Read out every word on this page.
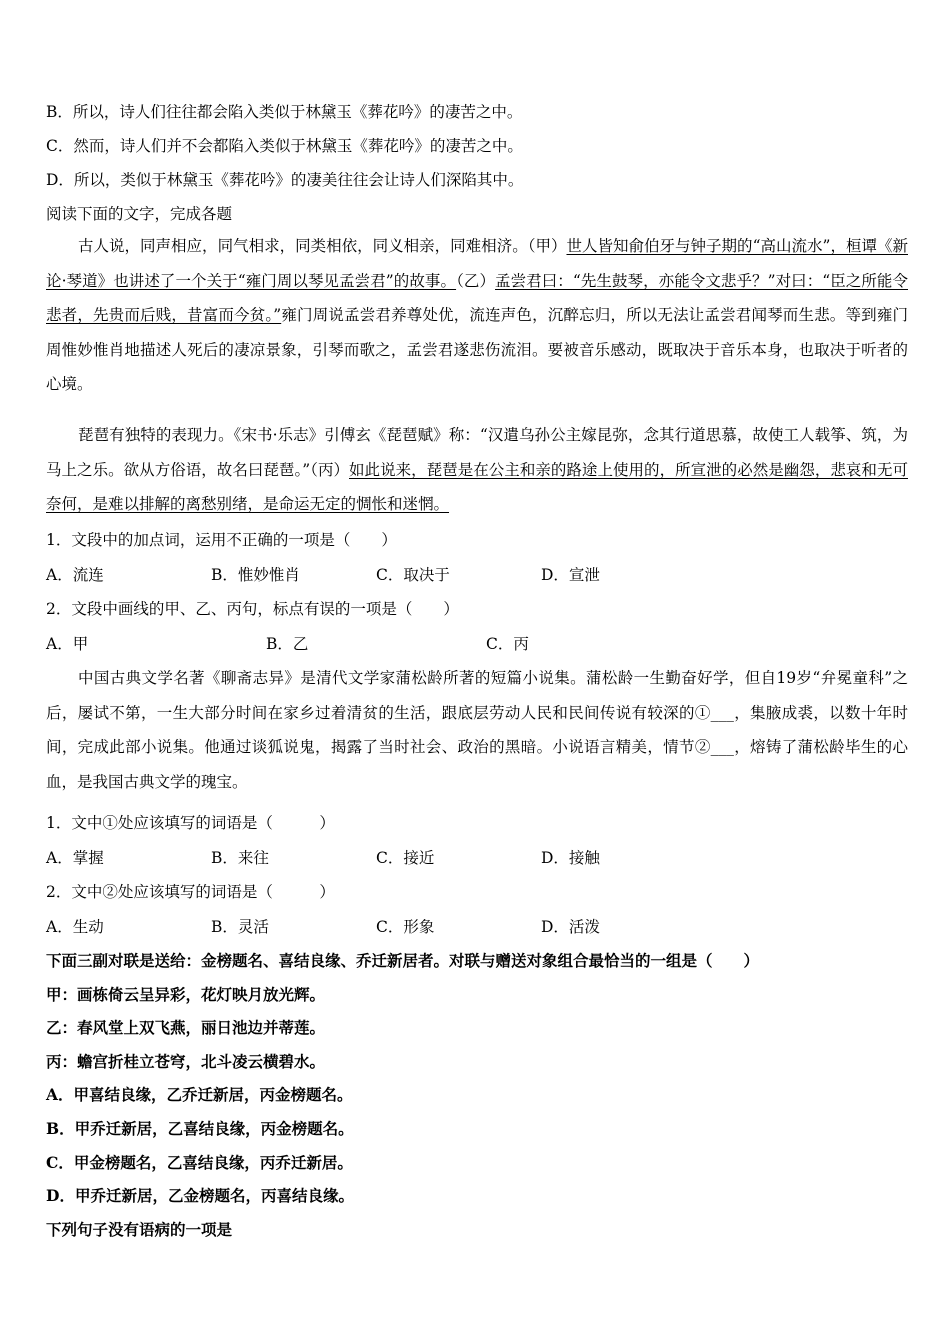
B．所以，诗人们往往都会陷入类似于林黛玉《葬花吟》的凄苦之中。
C．然而，诗人们并不会都陷入类似于林黛玉《葬花吟》的凄苦之中。
D．所以，类似于林黛玉《葬花吟》的凄美往往会让诗人们深陷其中。
阅读下面的文字，完成各题
古人说，同声相应，同气相求，同类相依，同义相亲，同难相济。（甲）世人皆知俞伯牙与钟子期的“高山流水”，桓谭《新论·琴道》也讲述了一个关于“雍门周以琴见孟尝君”的故事。（乙）孟尝君曰：“先生鼓琴，亦能令文悲乎？”对曰：“臣之所能令悲者，先贵而后贱，昔富而今贫。”雍门周说孟尝君养尊处优，流连声色，沉醉忘归，所以无法让孟尝君闻琴而生悲。等到雍门周惟妙惟肖地描述人死后的凄凉景象，引琴而歌之，孟尝君遂悲伤流泪。要被音乐感动，既取决于音乐本身，也取决于听者的心境。
琵琶有独特的表现力。《宋书·乐志》引傅玄《琵琶赋》称：“汉遣乌孙公主嫁昆弥，念其行道思慕，故使工人载筝、筑，为马上之乐。欲从方俗语，故名曰琵琶。”（丙）如此说来，琵琶是在公主和亲的路途上使用的，所宣泄的必然是幽怨，悲哀和无可奈何，是难以排解的离愁别绪，是命运无定的惆怅和迷惘。
1．文段中的加点词，运用不正确的一项是（　　）
A．流连	B．惟妙惟肖	C．取决于	D．宣泄
2．文段中画线的甲、乙、丙句，标点有误的一项是（　　）
A．甲	B．乙	C．丙
中国古典文学名著《聊斋志异》是清代文学家蒲松龄所著的短篇小说集。蒲松龄一生勤奋好学，但自19岁“弁冕童科”之后，屡试不第，一生大部分时间在家乡过着清贫的生活，跟底层劳动人民和民间传说有较深的①___，集腋成裘，以数十年时间，完成此部小说集。他通过谈狐说鬼，揭露了当时社会、政治的黑暗。小说语言精美，情节②___，熔铸了蒲松龄毕生的心血，是我国古典文学的瑰宝。
1．文中①处应该填写的词语是（　　　）
A．掌握	B．来往	C．接近	D．接触
2．文中②处应该填写的词语是（　　　）
A．生动	B．灵活	C．形象	D．活泼
下面三副对联是送给：金榜题名、喜结良缘、乔迁新居者。对联与赠送对象组合最恰当的一组是（　　）
甲：画栋倚云呈异彩，花灯映月放光辉。
乙：春风堂上双飞燕，丽日池边并蒂莲。
丙：蟾宫折桂立苍穹，北斗凌云横碧水。
A．甲喜结良缘，乙乔迁新居，丙金榜题名。
B．甲乔迁新居，乙喜结良缘，丙金榜题名。
C．甲金榜题名，乙喜结良缘，丙乔迁新居。
D．甲乔迁新居，乙金榜题名，丙喜结良缘。
下列句子没有语病的一项是
